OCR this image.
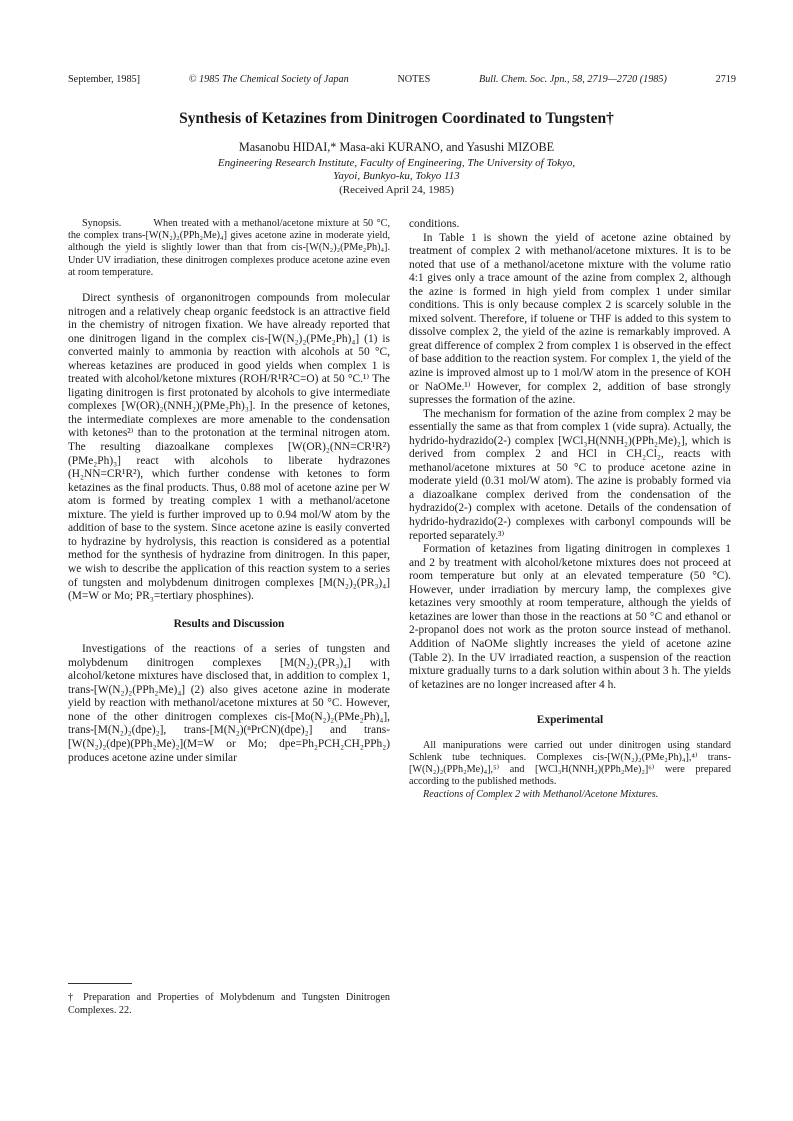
September, 1985]	© 1985 The Chemical Society of Japan	NOTES	Bull. Chem. Soc. Jpn., 58, 2719—2720 (1985)	2719
Synthesis of Ketazines from Dinitrogen Coordinated to Tungsten†
Masanobu HIDAI,* Masa-aki KURANO, and Yasushi MIZOBE
Engineering Research Institute, Faculty of Engineering, The University of Tokyo,
Yayoi, Bunkyo-ku, Tokyo 113
(Received April 24, 1985)

Synopsis.	When treated with a methanol/acetone mixture at 50 °C, the complex trans-[W(N₂)₂(PPh₂Me)₄] gives acetone azine in moderate yield, although the yield is slightly lower than that from cis-[W(N₂)₂(PMe₂Ph)₄]. Under UV irradiation, these dinitrogen complexes produce acetone azine even at room temperature.

Direct synthesis of organonitrogen compounds from molecular nitrogen and a relatively cheap organic feedstock is an attractive field in the chemistry of nitrogen fixation. We have already reported that one dinitrogen ligand in the complex cis-[W(N₂)₂(PMe₂Ph)₄] (1) is converted mainly to ammonia by reaction with alcohols at 50 °C, whereas ketazines are produced in good yields when complex 1 is treated with alcohol/ketone mixtures (ROH/R¹R²C=O) at 50 °C.¹⁾ The ligating dinitrogen is first protonated by alcohols to give intermediate complexes [W(OR)₂(NNH₂)(PMe₂Ph)₃]. In the presence of ketones, the intermediate complexes are more amenable to the condensation with ketones²⁾ than to the protonation at the terminal nitrogen atom. The resulting diazoalkane complexes [W(OR)₂(NN=CR¹R²)(PMe₂Ph)₃] react with alcohols to liberate hydrazones (H₂NN=CR¹R²), which further condense with ketones to form ketazines as the final products. Thus, 0.88 mol of acetone azine per W atom is formed by treating complex 1 with a methanol/acetone mixture. The yield is further improved up to 0.94 mol/W atom by the addition of base to the system. Since acetone azine is easily converted to hydrazine by hydrolysis, this reaction is considered as a potential method for the synthesis of hydrazine from dinitrogen. In this paper, we wish to describe the application of this reaction system to a series of tungsten and molybdenum dinitrogen complexes [M(N₂)₂(PR₃)₄] (M=W or Mo; PR₃=tertiary phosphines).

Results and Discussion

Investigations of the reactions of a series of tungsten and molybdenum dinitrogen complexes [M(N₂)₂(PR₃)₄] with alcohol/ketone mixtures have disclosed that, in addition to complex 1, trans-[W(N₂)₂(PPh₂Me)₄] (2) also gives acetone azine in moderate yield by reaction with methanol/acetone mixtures at 50 °C. However, none of the other dinitrogen complexes cis-[Mo(N₂)₂(PMe₂Ph)₄], trans-[M(N₂)₂(dpe)₂], trans-[M(N₂)(ⁿPrCN)(dpe)₂] and trans-[W(N₂)₂(dpe)(PPh₂Me)₂](M=W or Mo; dpe=Ph₂PCH₂CH₂PPh₂) produces acetone azine under similar

† Preparation and Properties of Molybdenum and Tungsten Dinitrogen Complexes. 22.

conditions.

In Table 1 is shown the yield of acetone azine obtained by treatment of complex 2 with methanol/acetone mixtures. It is to be noted that use of a methanol/acetone mixture with the volume ratio 4:1 gives only a trace amount of the azine from complex 2, although the azine is formed in high yield from complex 1 under similar conditions. This is only because complex 2 is scarcely soluble in the mixed solvent. Therefore, if toluene or THF is added to this system to dissolve complex 2, the yield of the azine is remarkably improved. A great difference of complex 2 from complex 1 is observed in the effect of base addition to the reaction system. For complex 1, the yield of the azine is improved almost up to 1 mol/W atom in the presence of KOH or NaOMe.¹⁾ However, for complex 2, addition of base strongly supresses the formation of the azine.

The mechanism for formation of the azine from complex 2 may be essentially the same as that from complex 1 (vide supra). Actually, the hydrido-hydrazido(2-) complex [WCl₃H(NNH₂)(PPh₂Me)₂], which is derived from complex 2 and HCl in CH₂Cl₂, reacts with methanol/acetone mixtures at 50 °C to produce acetone azine in moderate yield (0.31 mol/W atom). The azine is probably formed via a diazoalkane complex derived from the condensation of the hydrazido(2-) complex with acetone. Details of the condensation of hydrido-hydrazido(2-) complexes with carbonyl compounds will be reported separately.³⁾

Formation of ketazines from ligating dinitrogen in complexes 1 and 2 by treatment with alcohol/ketone mixtures does not proceed at room temperature but only at an elevated temperature (50 °C). However, under irradiation by mercury lamp, the complexes give ketazines very smoothly at room temperature, although the yields of ketazines are lower than those in the reactions at 50 °C and ethanol or 2-propanol does not work as the proton source instead of methanol. Addition of NaOMe slightly increases the yield of acetone azine (Table 2). In the UV irradiated reaction, a suspension of the reaction mixture gradually turns to a dark solution within about 3 h. The yields of ketazines are no longer increased after 4 h.

Experimental

All manipurations were carried out under dinitrogen using standard Schlenk tube techniques. Complexes cis-[W(N₂)₂(PMe₂Ph)₄],⁴⁾ trans-[W(N₂)₂(PPh₂Me)₄],⁵⁾ and [WCl₃H(NNH₂)(PPh₂Me)₂]⁶⁾ were prepared according to the published methods.

Reactions of Complex 2 with Methanol/Acetone Mixtures.
